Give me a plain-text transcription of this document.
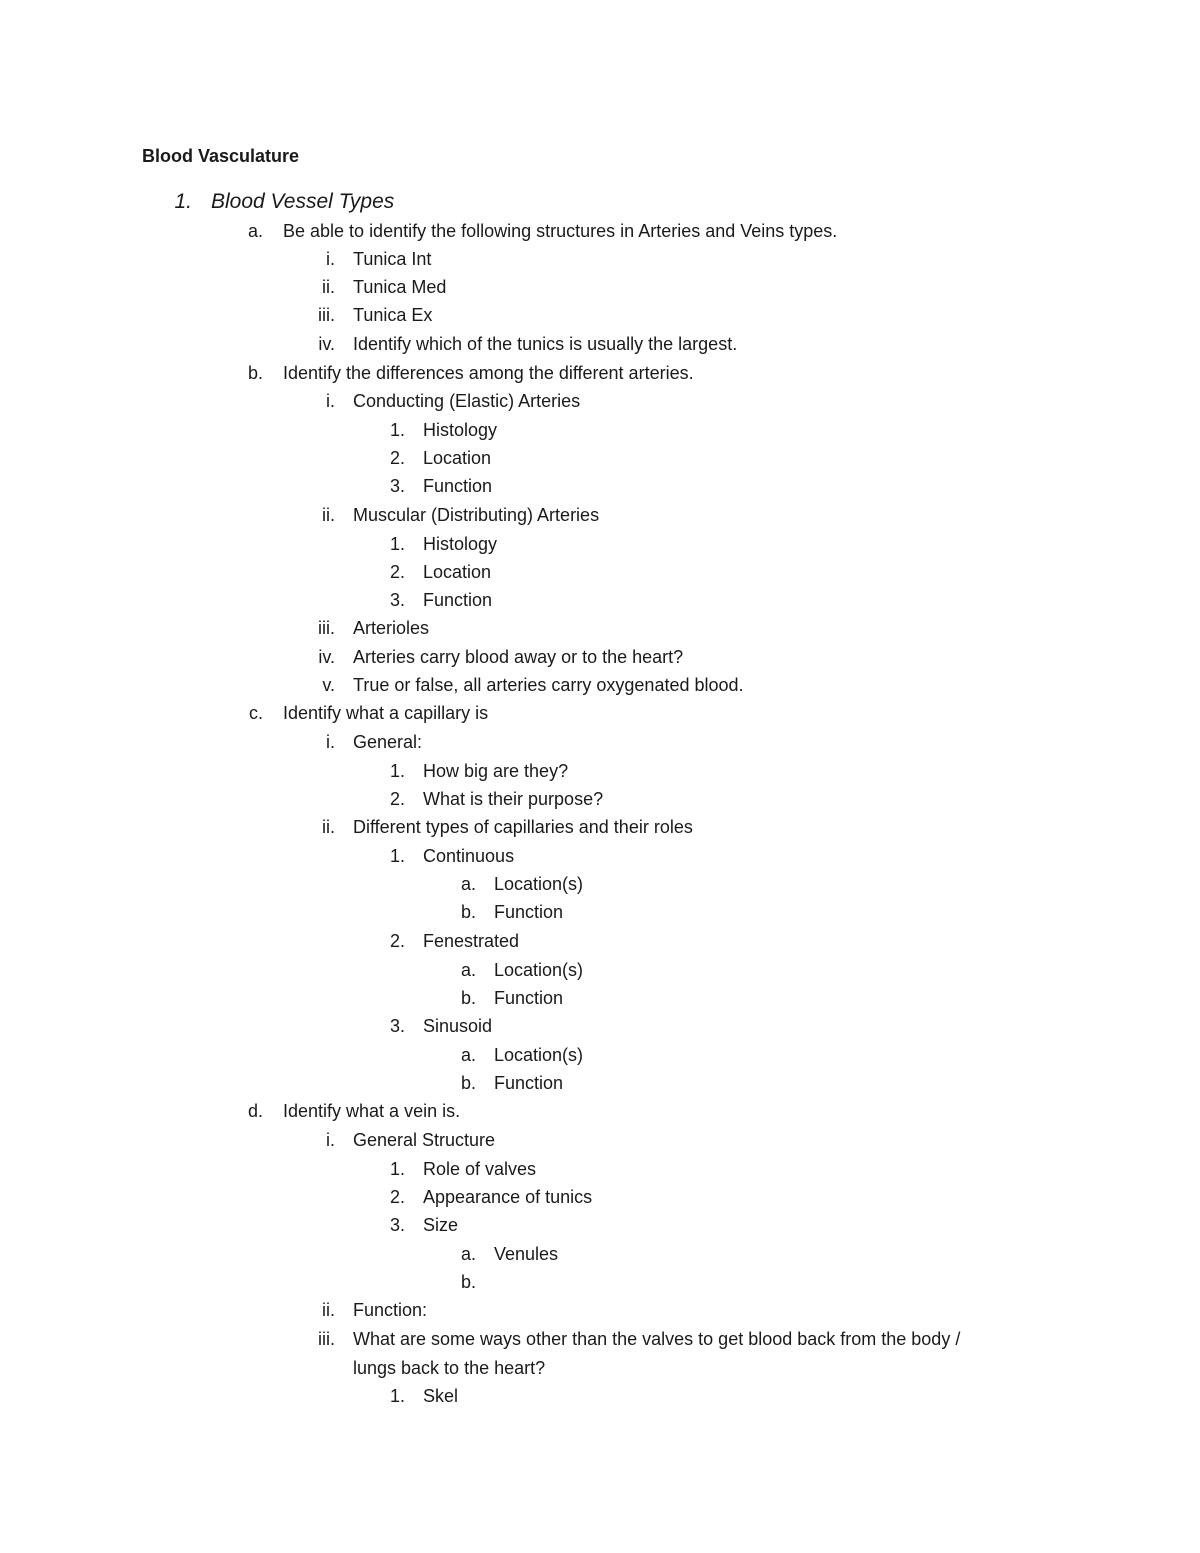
Blood Vasculature
1. Blood Vessel Types
a. Be able to identify the following structures in Arteries and Veins types.
i. Tunica Int
ii. Tunica Med
iii. Tunica Ex
iv. Identify which of the tunics is usually the largest.
b. Identify the differences among the different arteries.
i. Conducting (Elastic) Arteries
1. Histology
2. Location
3. Function
ii. Muscular (Distributing) Arteries
1. Histology
2. Location
3. Function
iii. Arterioles
iv. Arteries carry blood away or to the heart?
v. True or false, all arteries carry oxygenated blood.
c. Identify what a capillary is
i. General:
1. How big are they?
2. What is their purpose?
ii. Different types of capillaries and their roles
1. Continuous
a. Location(s)
b. Function
2. Fenestrated
a. Location(s)
b. Function
3. Sinusoid
a. Location(s)
b. Function
d. Identify what a vein is.
i. General Structure
1. Role of valves
2. Appearance of tunics
3. Size
a. Venules
b.
ii. Function:
iii. What are some ways other than the valves to get blood back from the body /
lungs back to the heart?
1. Skel
